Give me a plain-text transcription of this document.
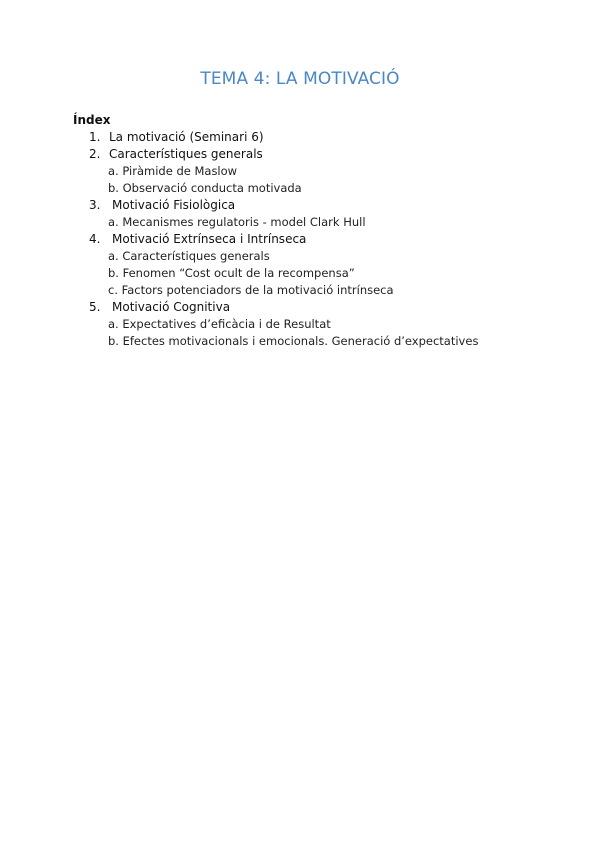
TEMA 4: LA MOTIVACIÓ
Índex
1. La motivació (Seminari 6)
2. Característiques generals
a. Piràmide de Maslow
b. Observació conducta motivada
3. Motivació Fisiològica
a. Mecanismes regulatoris - model Clark Hull
4. Motivació Extrínseca i Intrínseca
a. Característiques generals
b. Fenomen “Cost ocult de la recompensa”
c. Factors potenciadors de la motivació intrínseca
5. Motivació Cognitiva
a. Expectatives d’eficàcia i de Resultat
b. Efectes motivacionals i emocionals. Generació d’expectatives
